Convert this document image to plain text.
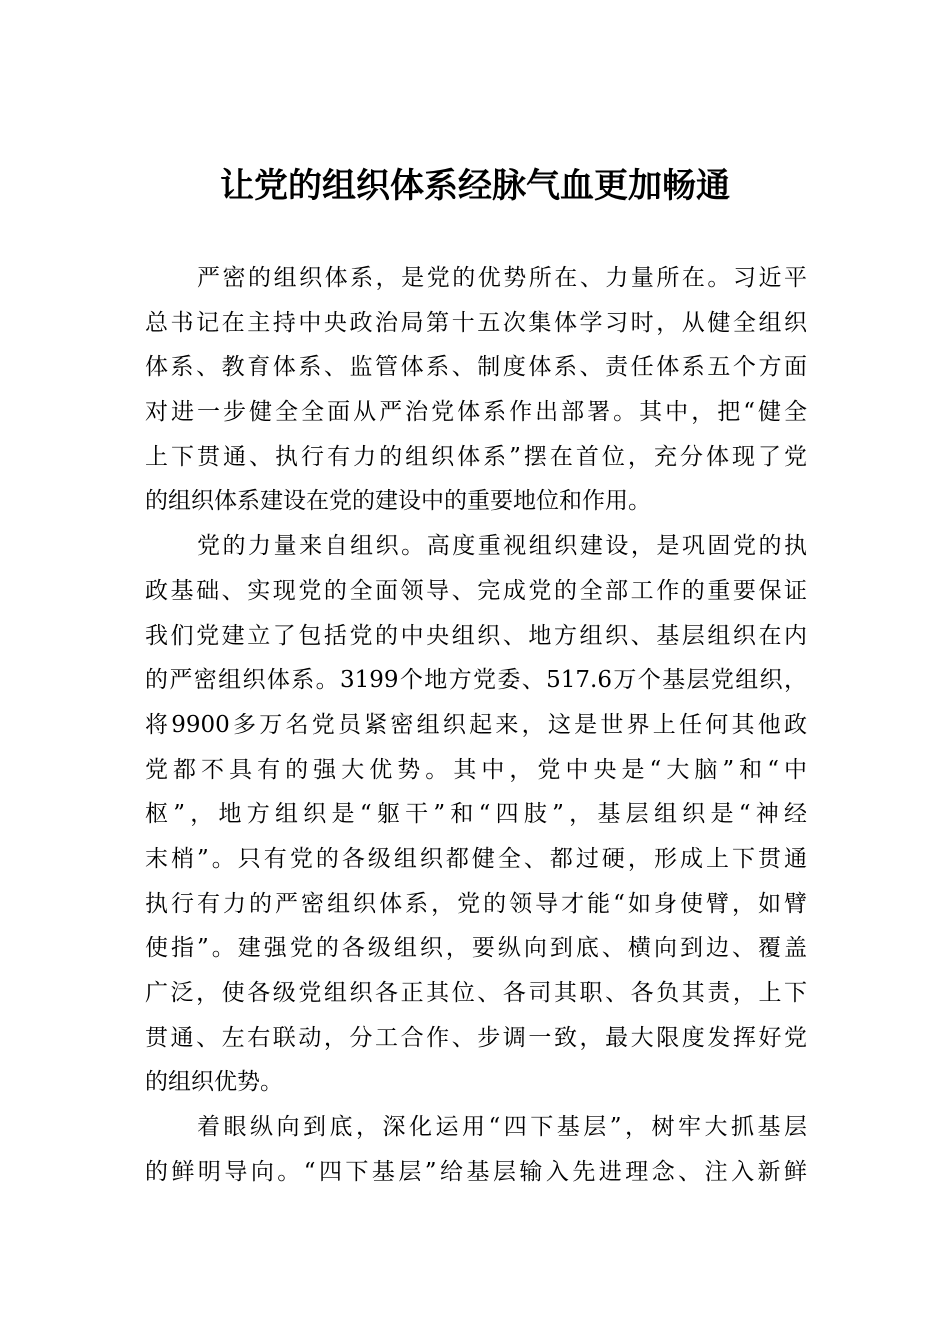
让党的组织体系经脉气血更加畅通
严密的组织体系，是党的优势所在、力量所在。习近平
总书记在主持中央政治局第十五次集体学习时，从健全组织
体系、教育体系、监管体系、制度体系、责任体系五个方面
对进一步健全全面从严治党体系作出部署。其中，把“健全
上下贯通、执行有力的组织体系”摆在首位，充分体现了党
的组织体系建设在党的建设中的重要地位和作用。
党的力量来自组织。高度重视组织建设，是巩固党的执
政基础、实现党的全面领导、完成党的全部工作的重要保证
我们党建立了包括党的中央组织、地方组织、基层组织在内
的严密组织体系。3199个地方党委、517.6万个基层党组织，
将9900多万名党员紧密组织起来，这是世界上任何其他政
党都不具有的强大优势。其中，党中央是“大脑”和“中
枢”，地方组织是“躯干”和“四肢”，基层组织是“神经
末梢”。只有党的各级组织都健全、都过硬，形成上下贯通
执行有力的严密组织体系，党的领导才能“如身使臂，如臂
使指”。建强党的各级组织，要纵向到底、横向到边、覆盖
广泛，使各级党组织各正其位、各司其职、各负其责，上下
贯通、左右联动，分工合作、步调一致，最大限度发挥好党
的组织优势。
着眼纵向到底，深化运用“四下基层”，树牢大抓基层
的鲜明导向。“四下基层”给基层输入先进理念、注入新鲜
